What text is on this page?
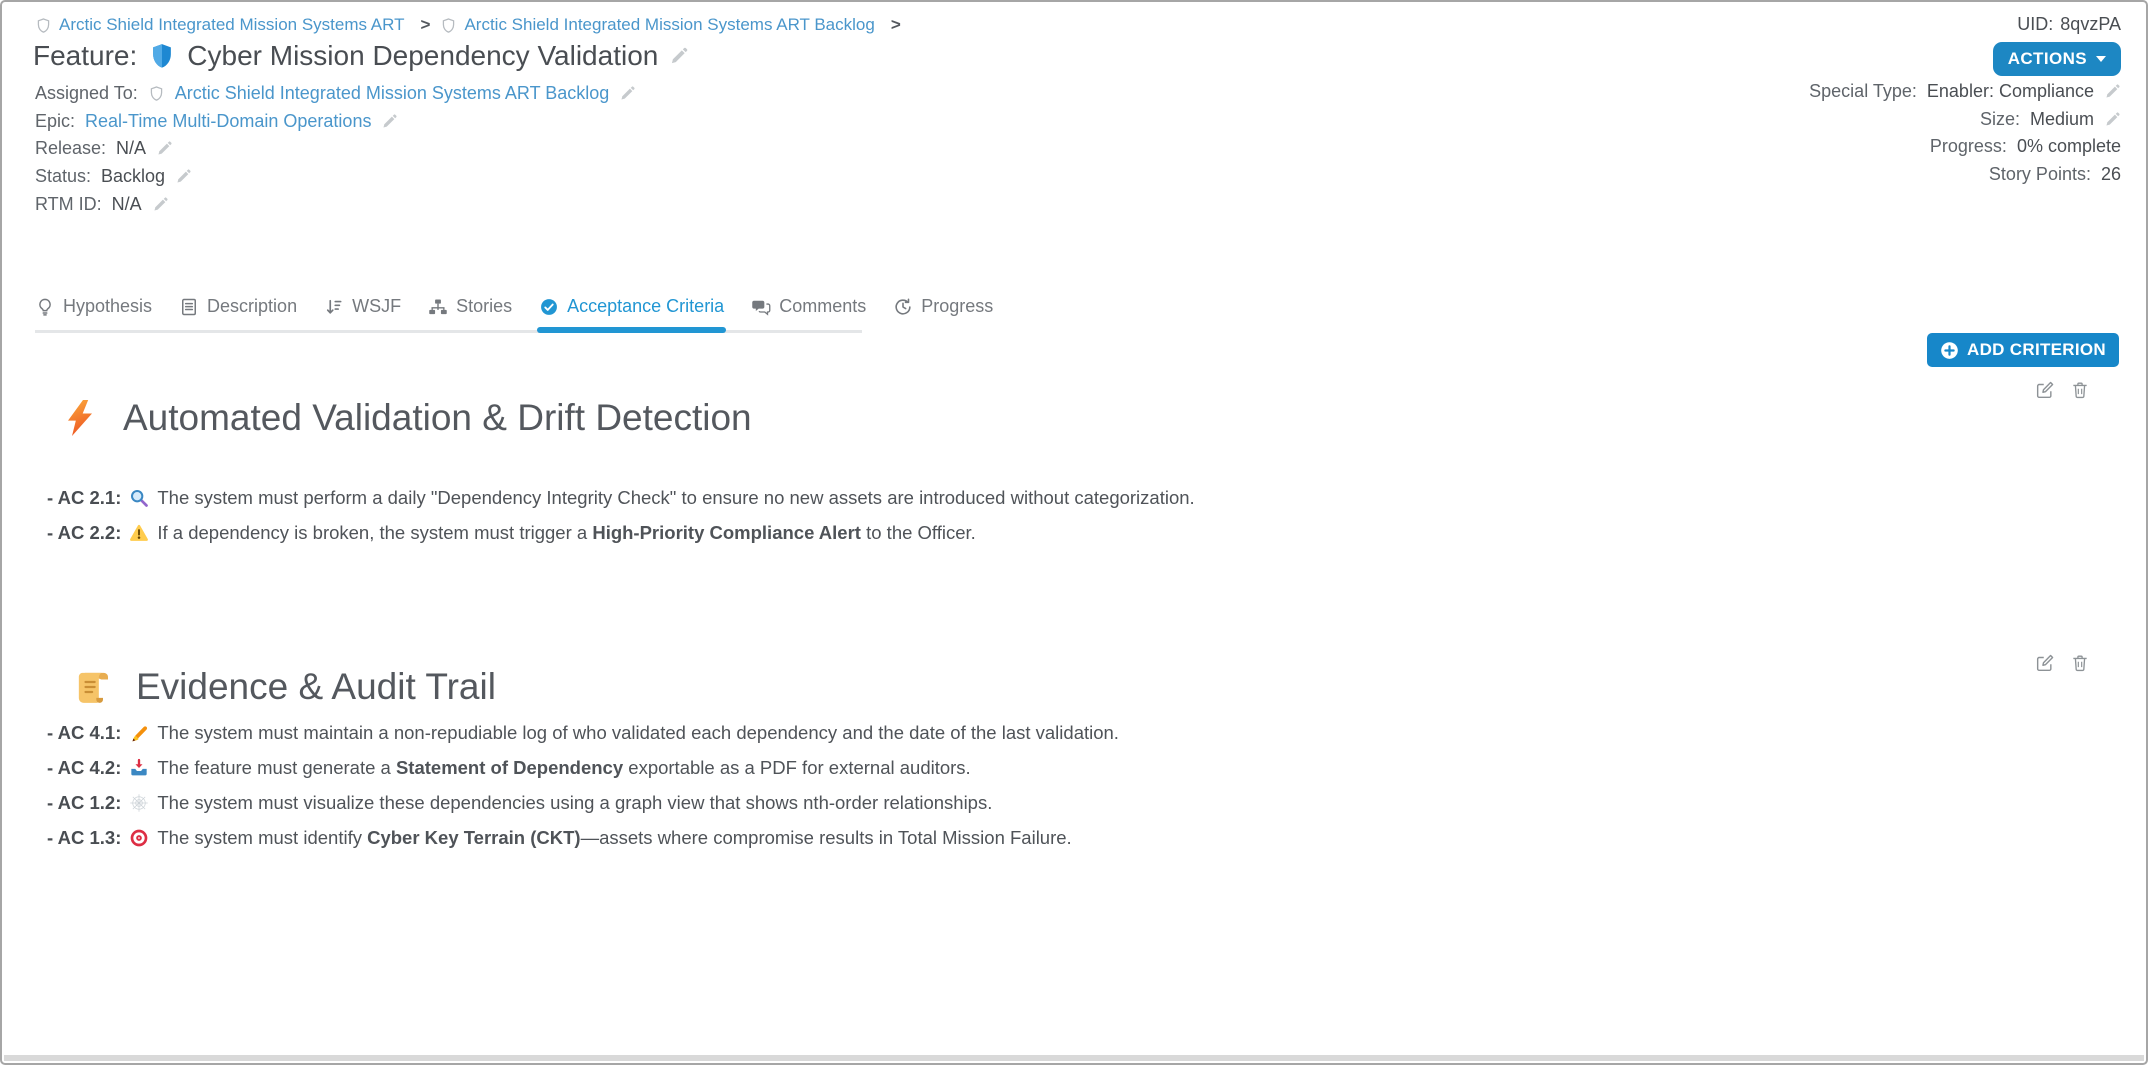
Arctic Shield Integrated Mission Systems ART > Arctic Shield Integrated Mission Systems ART Backlog >	UID: 8qvzPA
Feature: Cyber Mission Dependency Validation	ACTIONS
Assigned To: Arctic Shield Integrated Mission Systems ART Backlog
Epic: Real-Time Multi-Domain Operations
Release: N/A
Status: Backlog
RTM ID: N/A
Special Type: Enabler: Compliance
Size: Medium
Progress: 0% complete
Story Points: 26
Hypothesis	Description	WSJF	Stories	Acceptance Criteria	Comments	Progress
ADD CRITERION
Automated Validation & Drift Detection
- AC 2.1: The system must perform a daily "Dependency Integrity Check" to ensure no new assets are introduced without categorization.
- AC 2.2: If a dependency is broken, the system must trigger a High-Priority Compliance Alert to the Officer.
Evidence & Audit Trail
- AC 4.1: The system must maintain a non-repudiable log of who validated each dependency and the date of the last validation.
- AC 4.2: The feature must generate a Statement of Dependency exportable as a PDF for external auditors.
- AC 1.2: The system must visualize these dependencies using a graph view that shows nth-order relationships.
- AC 1.3: The system must identify Cyber Key Terrain (CKT)—assets where compromise results in Total Mission Failure.
